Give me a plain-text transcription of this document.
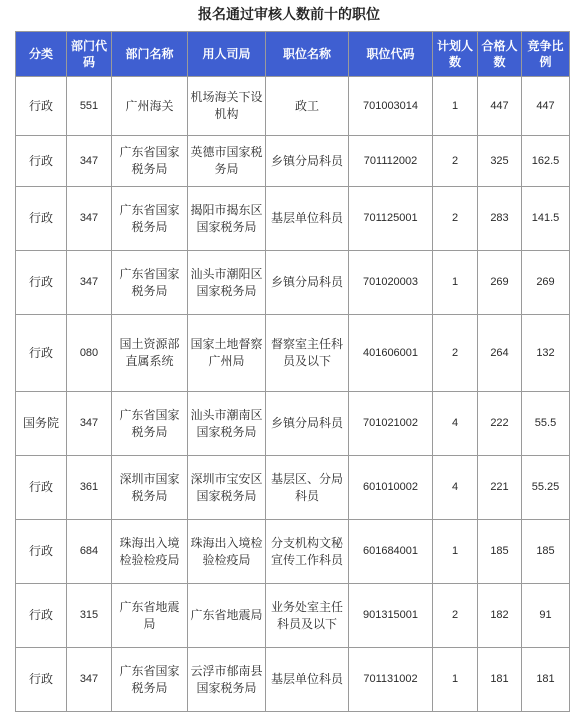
报名通过审核人数前十的职位
分类	部门代码	部门名称	用人司局	职位名称	职位代码	计划人数	合格人数	竞争比例
行政	551	广州海关	机场海关下设机构	政工	701003014	1	447	447
行政	347	广东省国家税务局	英德市国家税务局	乡镇分局科员	701112002	2	325	162.5
行政	347	广东省国家税务局	揭阳市揭东区国家税务局	基层单位科员	701125001	2	283	141.5
行政	347	广东省国家税务局	汕头市潮阳区国家税务局	乡镇分局科员	701020003	1	269	269
行政	080	国土资源部直属系统	国家土地督察广州局	督察室主任科员及以下	401606001	2	264	132
国务院	347	广东省国家税务局	汕头市潮南区国家税务局	乡镇分局科员	701021002	4	222	55.5
行政	361	深圳市国家税务局	深圳市宝安区国家税务局	基层区、分局科员	601010002	4	221	55.25
行政	684	珠海出入境检验检疫局	珠海出入境检验检疫局	分支机构文秘宣传工作科员	601684001	1	185	185
行政	315	广东省地震局	广东省地震局	业务处室主任科员及以下	901315001	2	182	91
行政	347	广东省国家税务局	云浮市郁南县国家税务局	基层单位科员	701131002	1	181	181
